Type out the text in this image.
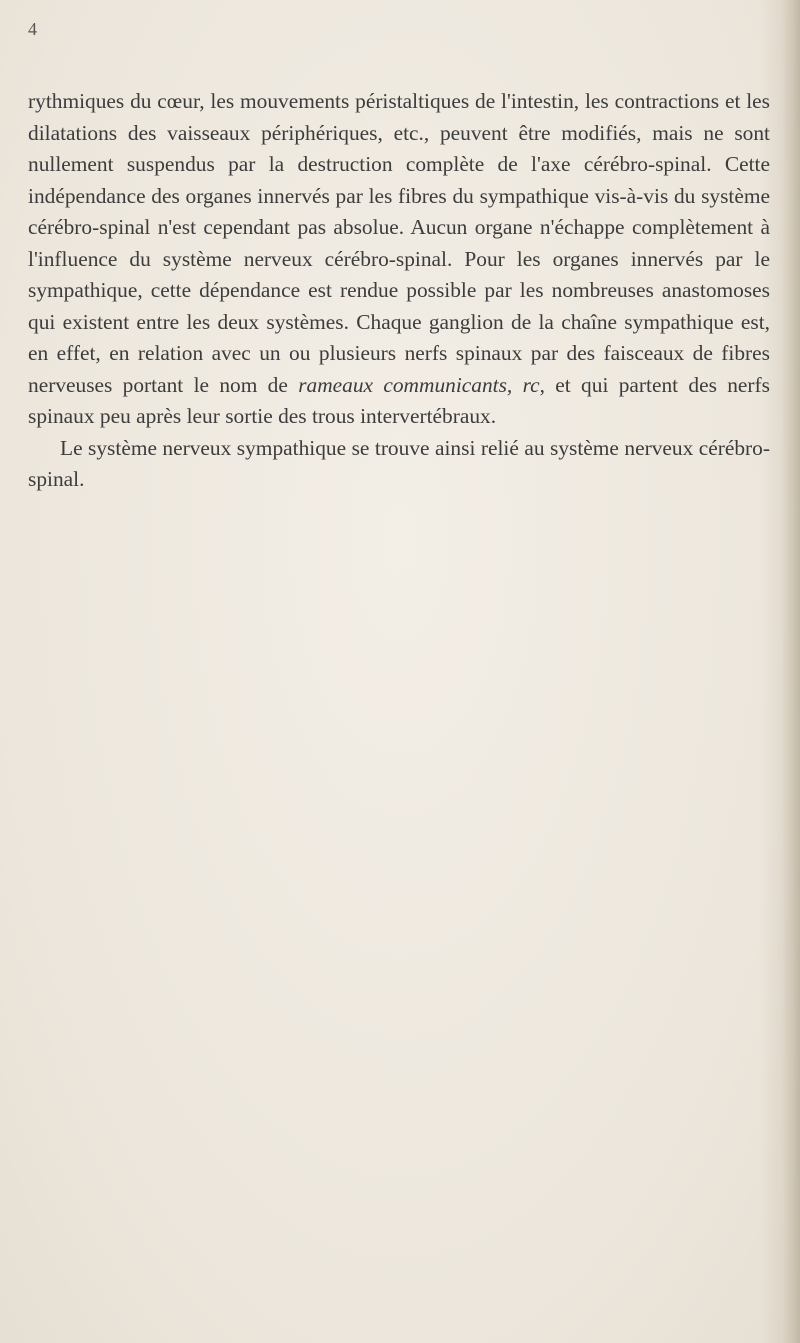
4

rythmiques du cœur, les mouvements péristaltiques de l'intestin, les contractions et les dilatations des vaisseaux périphériques, etc., peuvent être modifiés, mais ne sont nullement suspendus par la destruction complète de l'axe cérébro-spinal. Cette indépendance des organes innervés par les fibres du sympathique vis-à-vis du système cérébro-spinal n'est cependant pas absolue. Aucun organe n'échappe complètement à l'influence du système nerveux cérébro-spinal. Pour les organes innervés par le sympathique, cette dépendance est rendue possible par les nombreuses anastomoses qui existent entre les deux systèmes. Chaque ganglion de la chaîne sympathique est, en effet, en relation avec un ou plusieurs nerfs spinaux par des faisceaux de fibres nerveuses portant le nom de rameaux communicants, rc, et qui partent des nerfs spinaux peu après leur sortie des trous intervertébraux.

Le système nerveux sympathique se trouve ainsi relié au système nerveux cérébro-spinal.
